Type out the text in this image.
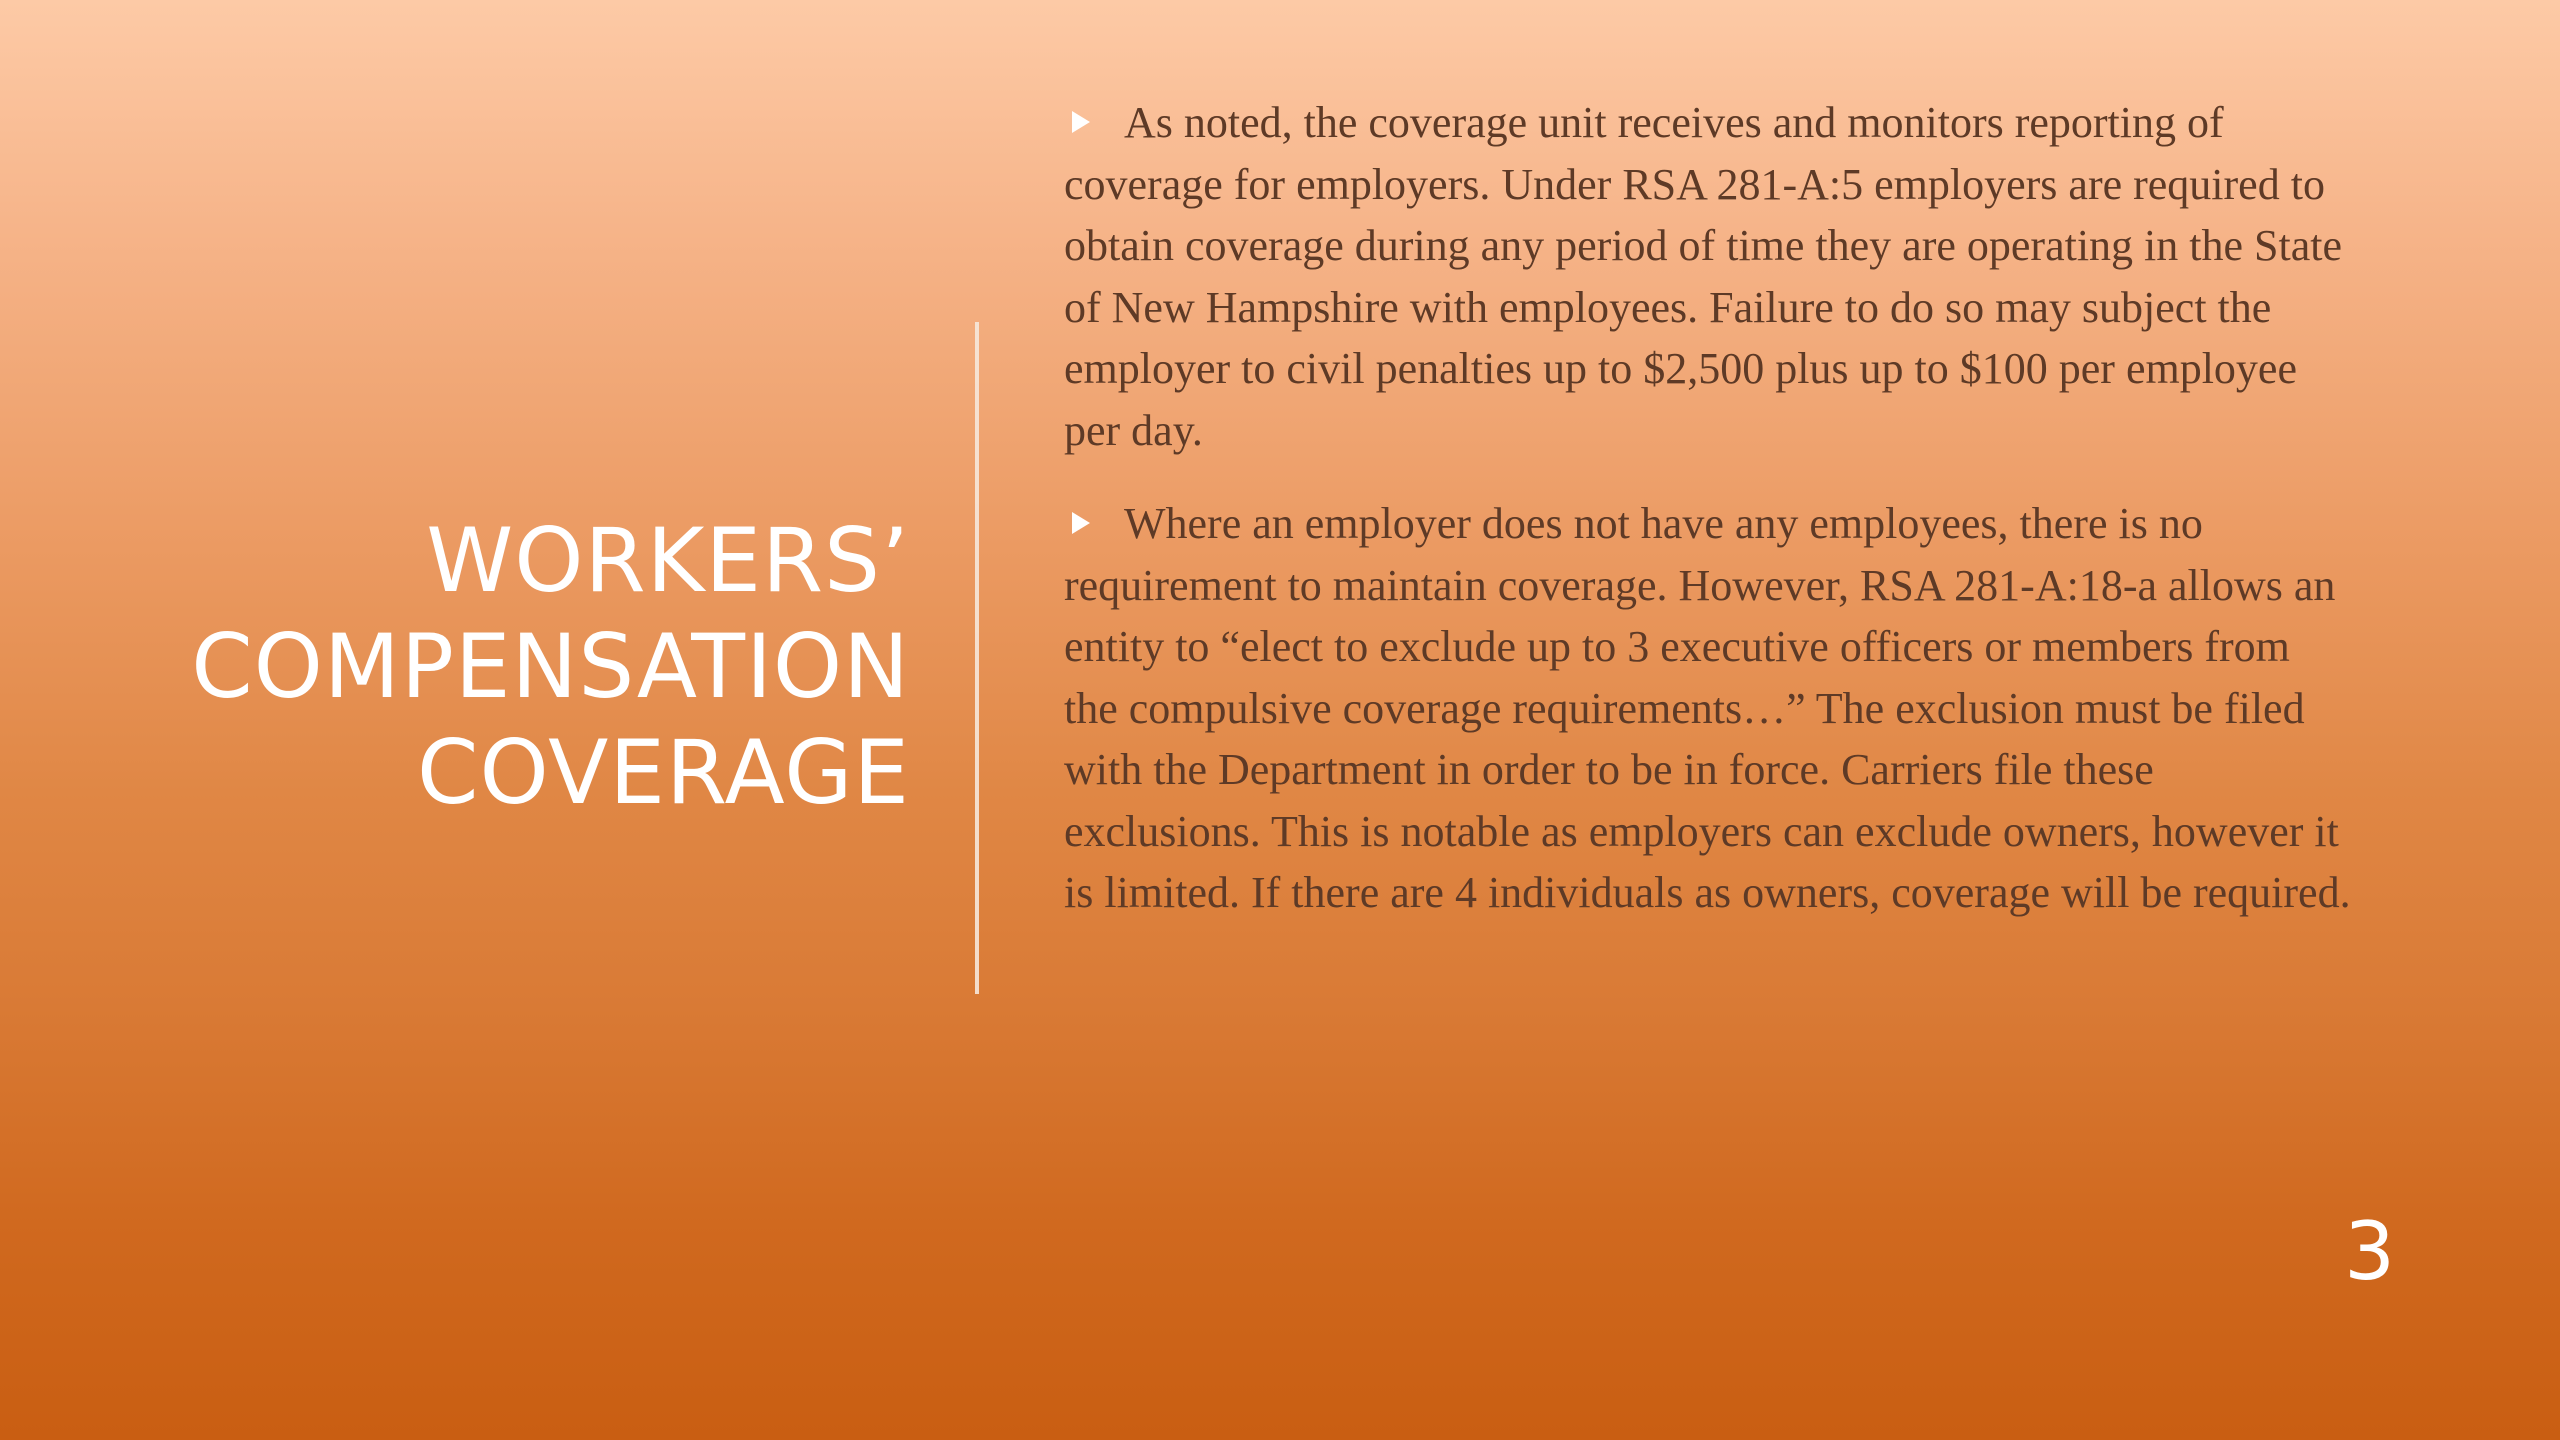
WORKERS’
COMPENSATION
COVERAGE

As noted, the coverage unit receives and monitors reporting of coverage for employers. Under RSA 281-A:5 employers are required to obtain coverage during any period of time they are operating in the State of New Hampshire with employees. Failure to do so may subject the employer to civil penalties up to $2,500 plus up to $100 per employee per day.

Where an employer does not have any employees, there is no requirement to maintain coverage. However, RSA 281-A:18-a allows an entity to “elect to exclude up to 3 executive officers or members from the compulsive coverage requirements…” The exclusion must be filed with the Department in order to be in force. Carriers file these exclusions. This is notable as employers can exclude owners, however it is limited. If there are 4 individuals as owners, coverage will be required.

3
